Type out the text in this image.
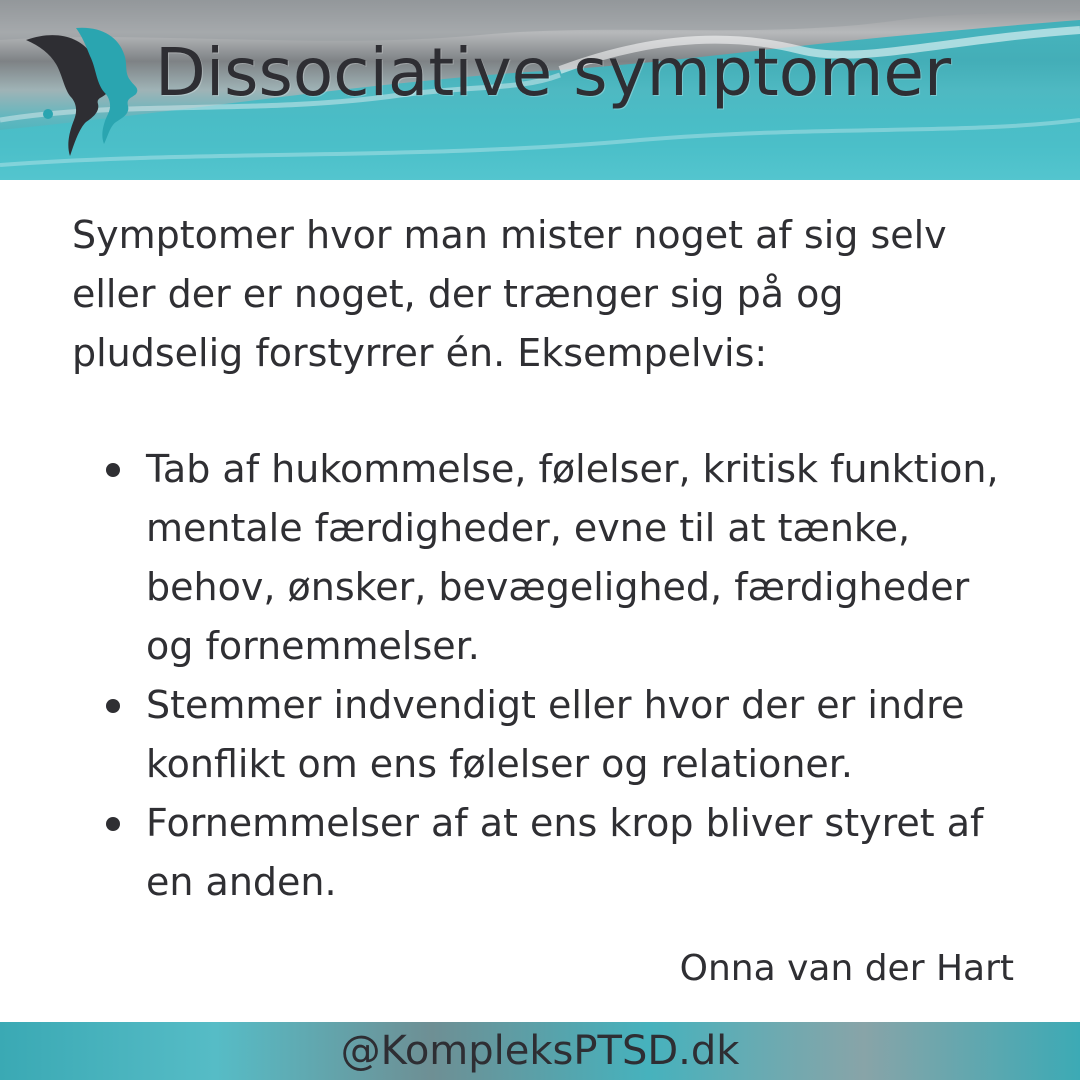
Dissociative symptomer

Symptomer hvor man mister noget af sig selv eller der er noget, der trænger sig på og pludselig forstyrrer én. Eksempelvis:

Tab af hukommelse, følelser, kritisk funktion, mentale færdigheder, evne til at tænke, behov, ønsker, bevægelighed, færdigheder og fornemmelser.
Stemmer indvendigt eller hvor der er indre konflikt om ens følelser og relationer.
Fornemmelser af at ens krop bliver styret af en anden.
Onna van der Hart
@KompleksPTSD.dk
